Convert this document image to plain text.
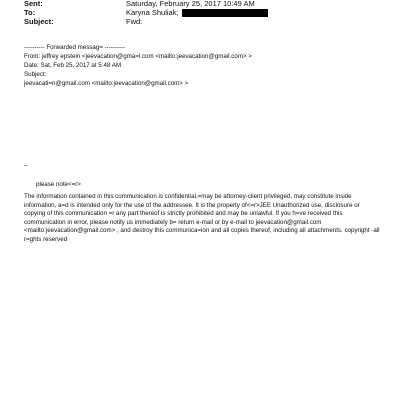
Sent:	Saturday, February 25, 2017 10:49 AM
To:	Karyna Shuliak;
Subject:	Fwd:
---------- Forwarded messag= ----------
From: jeffrey epstein <jeevacation@gma=l.com <mailto:jeevacation@gmail.com> >
Date: Sat, Feb 25, 2017 at 5:48 AM
Subject:
jeevacati=n@gmail.com <mailto:jeevacation@gmail.com> >
--
please note<=r>
The information contained in this communication is confidential,=may be attorney-client privileged, may constitute inside information, a=d is intended only for the use of the addressee. It is the property of<=r>JEE Unauthorized use, disclosure or copying of this communication =r any part thereof is strictly prohibited and may be unlawful. If you h=ve received this communication in error, please notify us immediately b= return e-mail or by e-mail to jeevacation@gmail.com <mailto:jeevacation@gmail.com> , and destroy this communica=ion and all copies thereof, including all attachments. copyright -all r=ghts reserved
